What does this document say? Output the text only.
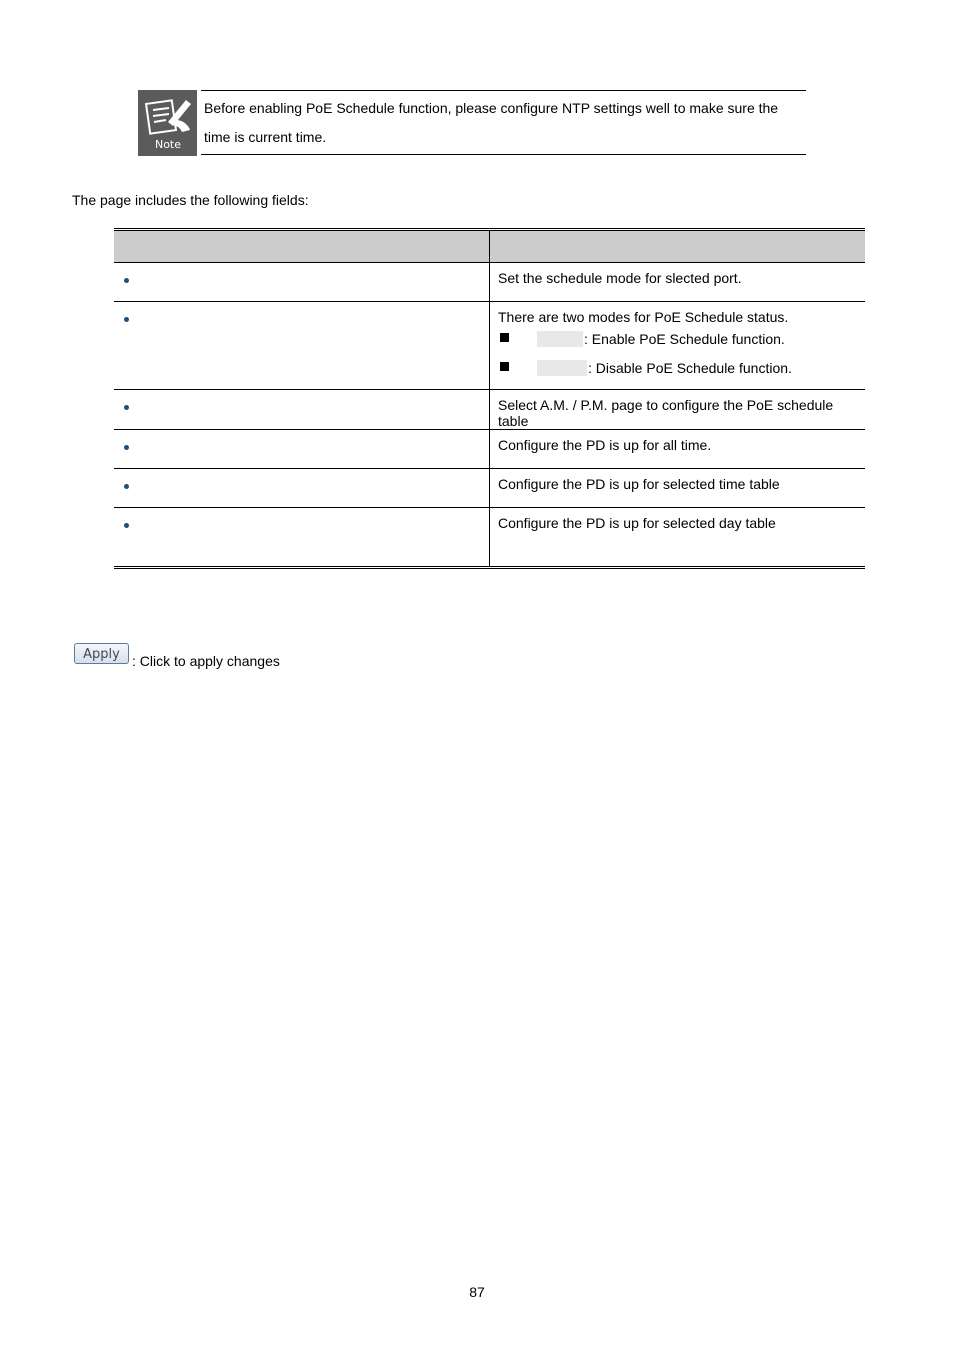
Note
Before enabling PoE Schedule function, please configure NTP settings well to make sure the time is current time.
The page includes the following fields:

	Set the schedule mode for slected port.

	There are two modes for PoE Schedule status.
: Enable PoE Schedule function.
: Disable PoE Schedule function.

	Select A.M. / P.M. page to configure the PoE schedule table

	Configure the PD is up for all time.

	Configure the PD is up for selected time table

	Configure the PD is up for selected day table
Apply : Click to apply changes
87
